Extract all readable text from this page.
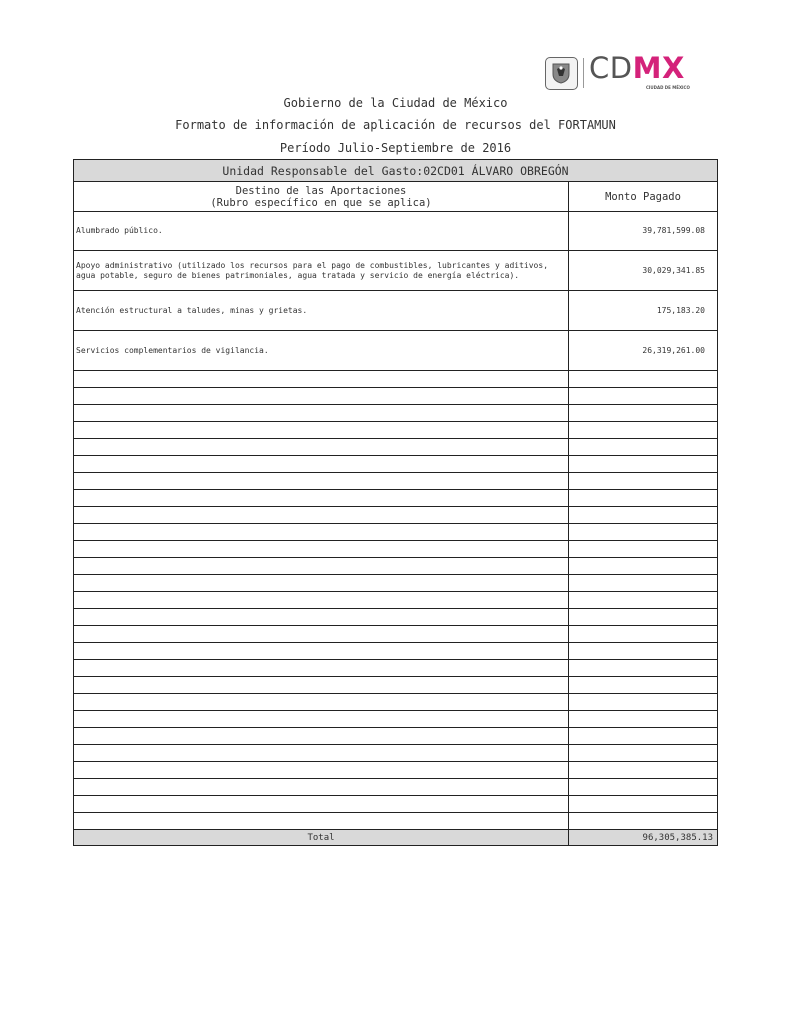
CDMX
CIUDAD DE MÉXICO
Gobierno de la Ciudad de México
Formato de información de aplicación de recursos del FORTAMUN
Período Julio-Septiembre de 2016
Unidad Responsable del Gasto:02CD01 ÁLVARO OBREGÓN	

Destino de las Aportaciones
(Rubro específico en que se aplica)	Monto Pagado
Alumbrado público.	39,781,599.08
Apoyo administrativo (utilizado los recursos para el pago de combustibles, lubricantes y aditivos, agua potable, seguro de bienes patrimoniales, agua tratada y servicio de energía eléctrica).	30,029,341.85
Atención estructural a taludes, minas y grietas.	175,183.20
Servicios complementarios de vigilancia.	26,319,261.00

Total	96,305,385.13
